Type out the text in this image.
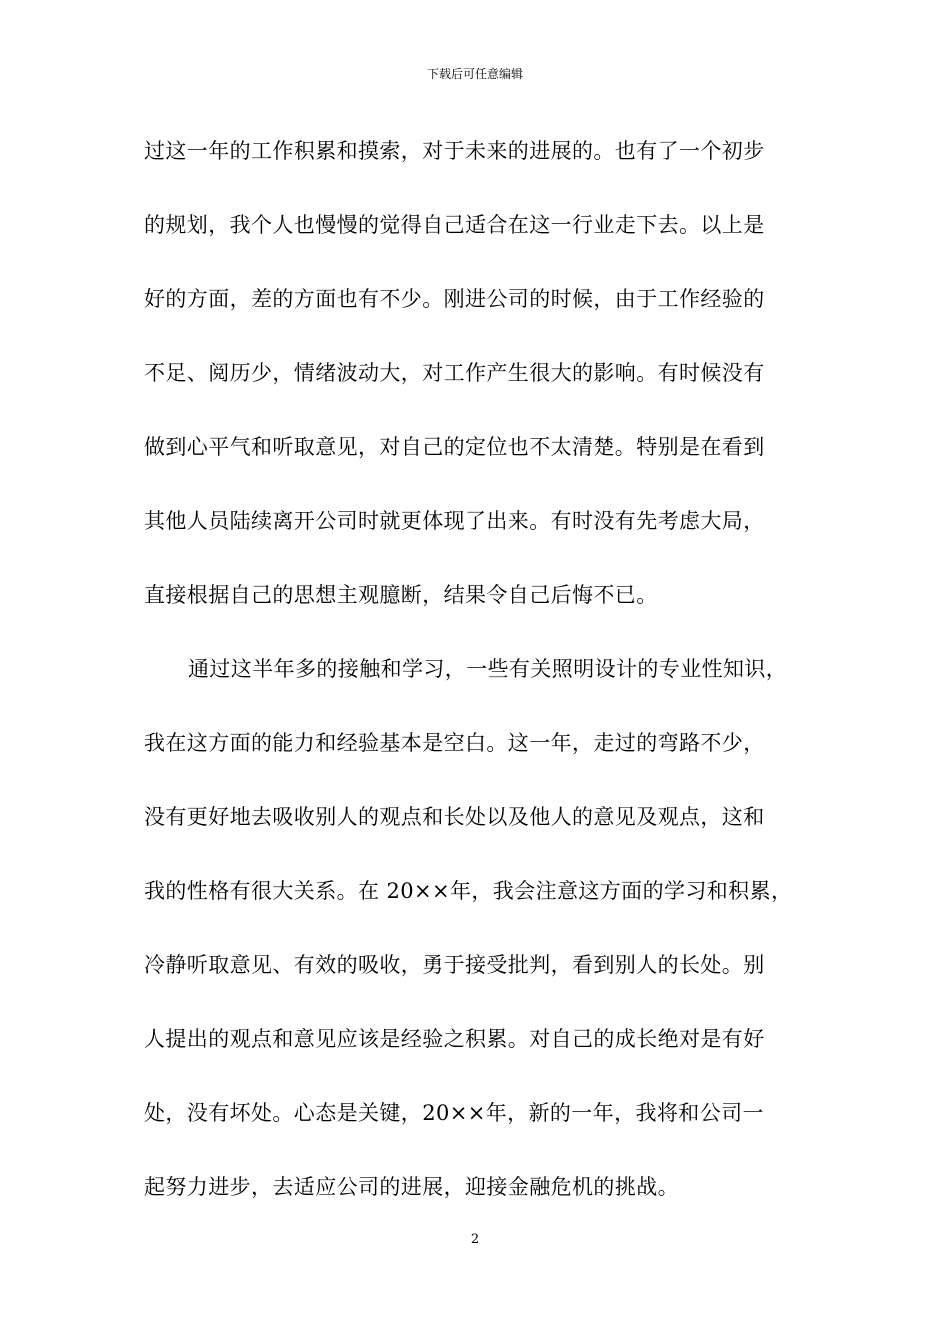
下载后可任意编辑
过这一年的工作积累和摸索，对于未来的进展的。也有了一个初步
的规划，我个人也慢慢的觉得自己适合在这一行业走下去。以上是
好的方面，差的方面也有不少。刚进公司的时候，由于工作经验的
不足、阅历少，情绪波动大，对工作产生很大的影响。有时候没有
做到心平气和听取意见，对自己的定位也不太清楚。特别是在看到
其他人员陆续离开公司时就更体现了出来。有时没有先考虑大局，
直接根据自己的思想主观臆断，结果令自己后悔不已。
通过这半年多的接触和学习，一些有关照明设计的专业性知识，
我在这方面的能力和经验基本是空白。这一年，走过的弯路不少，
没有更好地去吸收别人的观点和长处以及他人的意见及观点，这和
我的性格有很大关系。在 20××年，我会注意这方面的学习和积累，
冷静听取意见、有效的吸收，勇于接受批判，看到别人的长处。别
人提出的观点和意见应该是经验之积累。对自己的成长绝对是有好
处，没有坏处。心态是关键，20××年，新的一年，我将和公司一
起努力进步，去适应公司的进展，迎接金融危机的挑战。
2
